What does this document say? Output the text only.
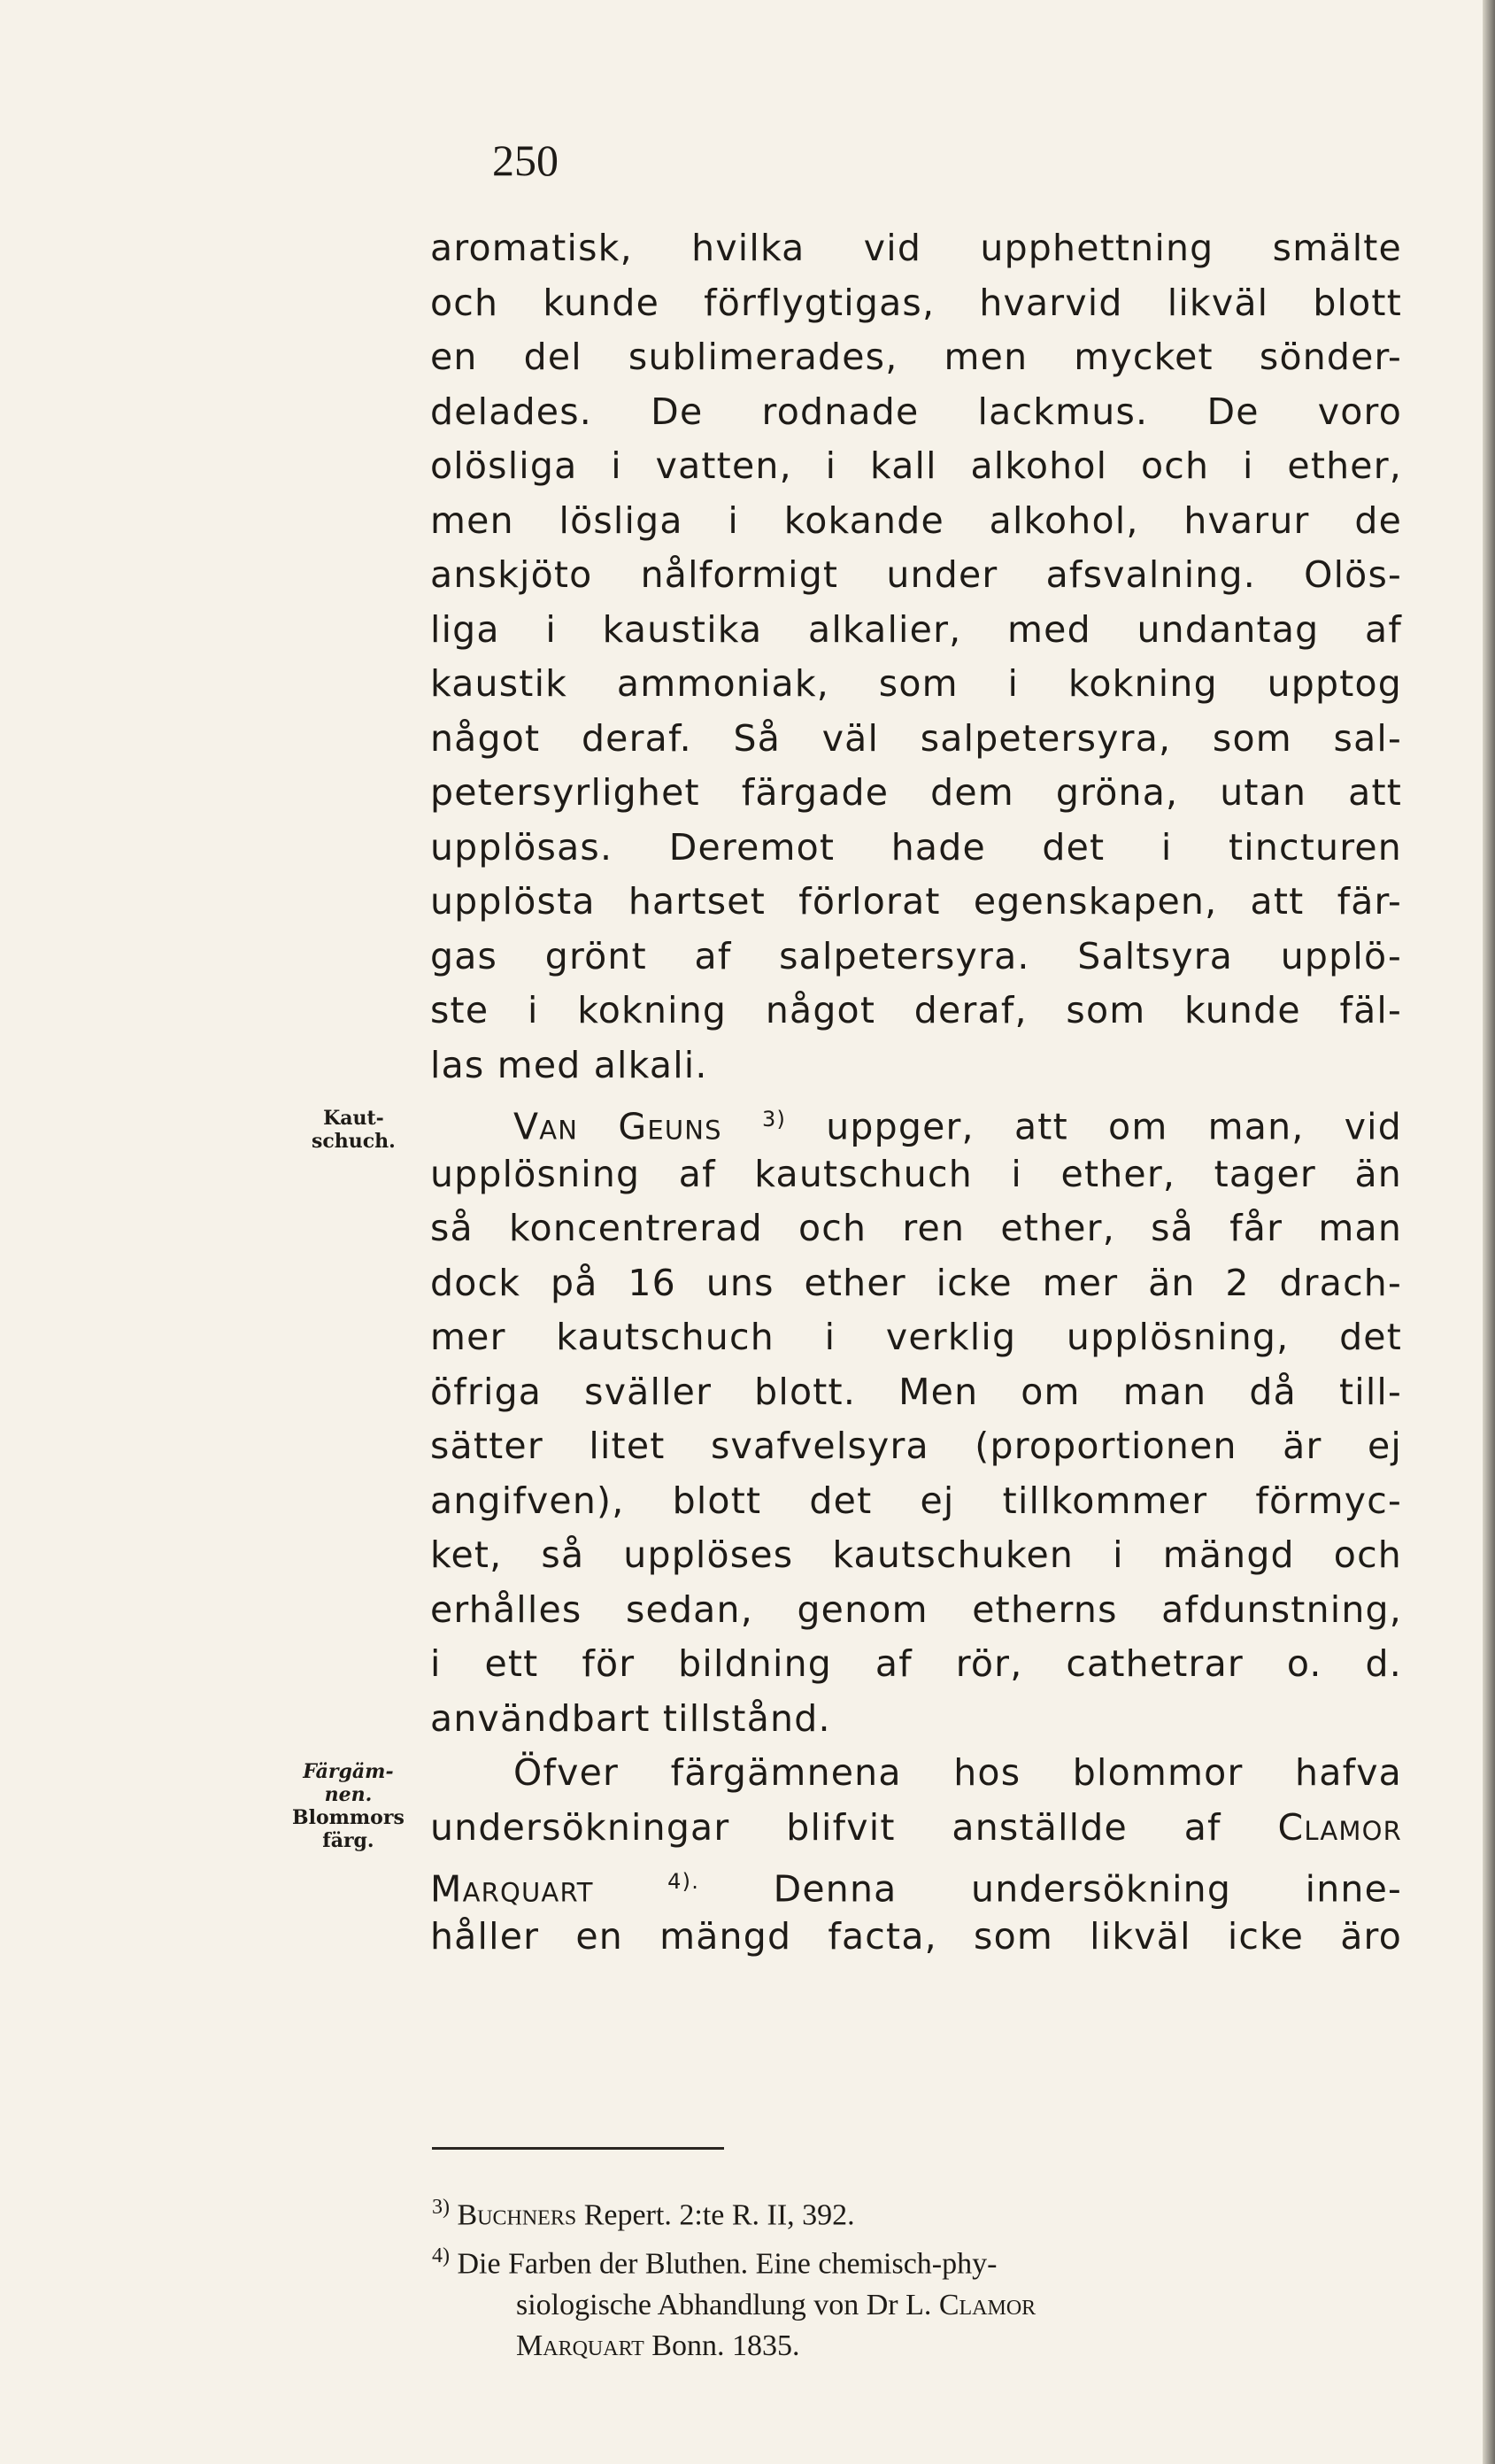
250
Kaut-
schuch.
Färgäm-
nen.
Blommors
färg.
aromatisk, hvilka vid upphettning smälte
och kunde förflygtigas, hvarvid likväl blott
en del sublimerades, men mycket sönder-
delades. De rodnade lackmus. De voro
olösliga i vatten, i kall alkohol och i ether,
men lösliga i kokande alkohol, hvarur de
anskjöto nålformigt under afsvalning. Olös-
liga i kaustika alkalier, med undantag af
kaustik ammoniak, som i kokning upptog
något deraf. Så väl salpetersyra, som sal-
petersyrlighet färgade dem gröna, utan att
upplösas. Deremot hade det i tincturen
upplösta hartset förlorat egenskapen, att fär-
gas grönt af salpetersyra. Saltsyra upplö-
ste i kokning något deraf, som kunde fäl-
las med alkali.
Van Geuns $^{3)}$ uppger, att om man, vid
upplösning af kautschuch i ether, tager än
så koncentrerad och ren ether, så får man
dock på 16 uns ether icke mer än 2 drach-
mer kautschuch i verklig upplösning, det
öfriga sväller blott. Men om man då till-
sätter litet svafvelsyra (proportionen är ej
angifven), blott det ej tillkommer förmyc-
ket, så upplöses kautschuken i mängd och
erhålles sedan, genom etherns afdunstning,
i ett för bildning af rör, cathetrar o. d.
användbart tillstånd.
Öfver färgämnena hos blommor hafva
undersökningar blifvit anställde af Clamor
Marquart	$^{4).}$ Denna undersökning inne-
håller en mängd facta, som likväl icke äro
$^{3)}$ Buchners Repert. 2:te R. II, 392.
$^{4)}$ Die Farben der Bluthen. Eine chemisch-phy-
siologische Abhandlung von Dr L. Clamor
Marquart Bonn. 1835.
